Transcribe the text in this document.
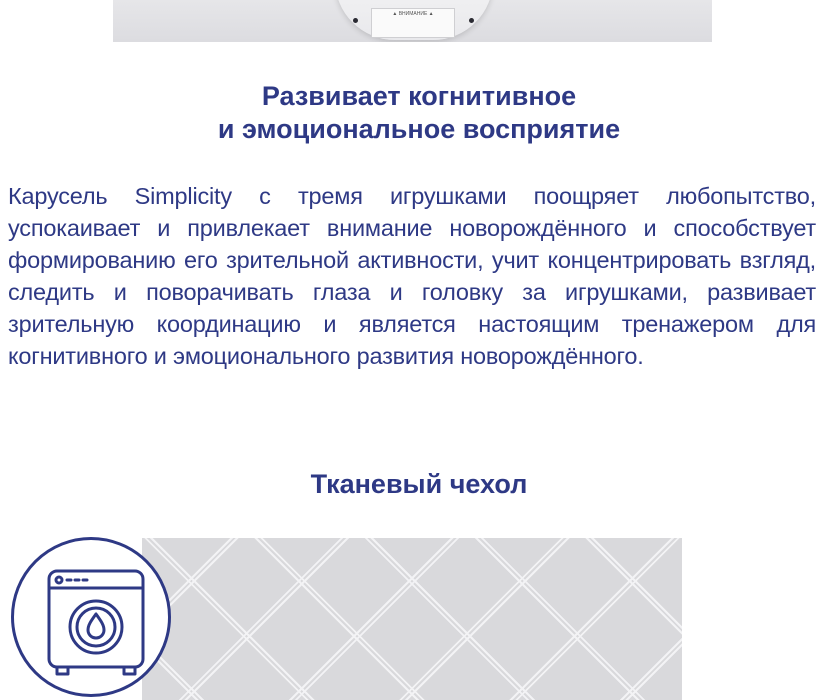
▲ ВНИМАНИЕ ▲
Развивает когнитивное
и эмоциональное восприятие

Карусель Simplicity с тремя игрушками поощряет любопытство, успокаивает и привлекает внимание новорождённого и способствует формированию его зрительной активности, учит концентрировать взгляд, следить и поворачивать глаза и головку за игрушками, развивает зрительную координацию и является настоящим тренажером для когнитивного и эмоционального развития новорождённого.

Тканевый чехол
